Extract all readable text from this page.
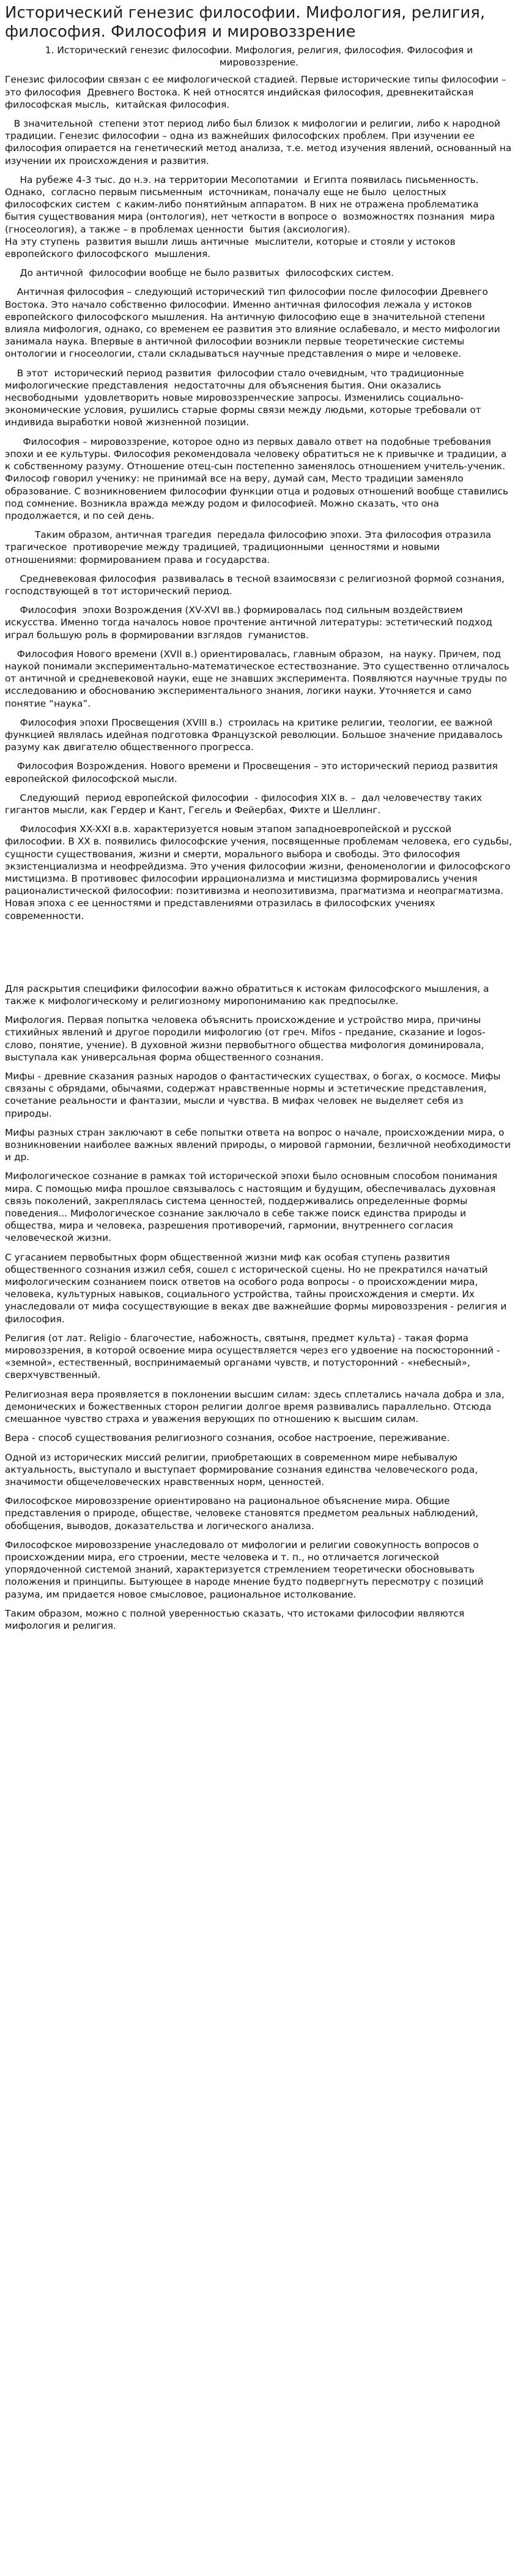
Исторический генезис философии. Мифология, религия, философия. Философия и мировоззрение

1. Исторический генезис философии. Мифология, религия, философия. Философия и мировоззрение.

Генезис философии связан с ее мифологической стадией. Первые исторические типы философии – это философия  Древнего Востока. К ней относятся индийская философия, древнекитайская философская мысль,  китайская философия.

В значительной  степени этот период либо был близок к мифологии и религии, либо к народной традиции. Генезис философии – одна из важнейших философских проблем. При изучении ее философия опирается на генетический метод анализа, т.е. метод изучения явлений, основанный на изучении их происхождения и развития.

На рубеже 4-3 тыс. до н.э. на территории Месопотамии  и Египта появилась письменность.  Однако,  согласно первым письменным  источникам, поначалу еще не было  целостных философских систем  с каким-либо понятийным аппаратом. В них не отражена проблематика  бытия существования мира (онтология), нет четкости в вопросе о  возможностях познания  мира (гносеология), а также – в проблемах ценности  бытия (аксиология).
На эту ступень  развития вышли лишь античные  мыслители, которые и стояли у истоков европейского философского  мышления.

До античной  философии вообще не было развитых  философских систем.

Античная философия – следующий исторический тип философии после философии Древнего Востока. Это начало собственно философии. Именно античная философия лежала у истоков европейского философского мышления. На античную философию еще в значительной степени влияла мифология, однако, со временем ее развития это влияние ослабевало, и место мифологии занимала наука. Впервые в античной философии возникли первые теоретические системы онтологии и гносеологии, стали складываться научные представления о мире и человеке.

В этот  исторический период развития  философии стало очевидным, что традиционные мифологические представления  недостаточны для объяснения бытия. Они оказались несвободными  удовлетворить новые мировоззренческие запросы. Изменились социально-экономические условия, рушились старые формы связи между людьми, которые требовали от индивида выработки новой жизненной позиции.

Философия – мировоззрение, которое одно из первых давало ответ на подобные требования эпохи и ее культуры. Философия рекомендовала человеку обратиться не к привычке и традиции, а к собственному разуму. Отношение отец-сын постепенно заменялось отношением учитель-ученик. Философ говорил ученику: не принимай все на веру, думай сам, Место традиции заменяло образование. С возникновением философии функции отца и родовых отношений вообще ставились под сомнение. Возникла вражда между родом и философией. Можно сказать, что она продолжается, и по сей день.

Таким образом, античная трагедия  передала философию эпохи. Эта философия отразила трагическое  противоречие между традицией, традиционными  ценностями и новыми отношениями: формированием права и государства.

Средневековая философия  развивалась в тесной взаимосвязи с религиозной формой сознания, господствующей в тот исторический период.

Философия  эпохи Возрождения (XV-XVI вв.) формировалась под сильным воздействием искусства. Именно тогда началось новое прочтение античной литературы: эстетический подход играл большую роль в формировании взглядов  гуманистов.

Философия Нового времени (XVII в.) ориентировалась, главным образом,  на науку. Причем, под наукой понимали экспериментально-математическое естествознание. Это существенно отличалось от античной и средневековой науки, еще не знавших эксперимента. Появляются научные труды по исследованию и обоснованию экспериментального знания, логики науки. Уточняется и само понятие “наука”.

Философия эпохи Просвещения (XVIII в.)  строилась на критике религии, теологии, ее важной функцией являлась идейная подготовка Французской революции. Большое значение придавалось разуму как двигателю общественного прогресса.

Философия Возрождения. Нового времени и Просвещения – это исторический период развития европейской философской мысли.

Следующий  период европейской философии  - философия XIX в. –  дал человечеству таких гигантов мысли, как Гердер и Кант, Гегель и Фейербах, Фихте и Шеллинг.

Философия XX-XXI в.в. характеризуется новым этапом западноевропейской и русской философии. В XX в. появились философские учения, посвященные проблемам человека, его судьбы, сущности существования, жизни и смерти, морального выбора и свободы. Это философия экзистенциализма и неофрейдизма. Это учения философии жизни, феноменологии и философского мистицизма. В противовес философии иррационализма и мистицизма формировались учения рационалистической философии: позитивизма и неопозитивизма, прагматизма и неопрагматизма. Новая эпоха с ее ценностями и представлениями отразилась в философских учениях современности.

Для раскрытия специфики философии важно обратиться к истокам философского мышления, а также к мифологическому и религиозному миропониманию как предпосылке.

Мифология. Первая попытка человека объяснить происхождение и устройство мира, причины стихийных явлений и другое породили мифологию (от греч. Mifos - предание, сказание и logos-слово, понятие, учение). В духовной жизни первобытного общества мифология доминировала, выступала как универсальная форма общественного сознания.

Мифы - древние сказания разных народов о фантастических существах, о богах, о космосе. Мифы связаны с обрядами, обычаями, содержат нравственные нормы и эстетические представления, сочетание реальности и фантазии, мысли и чувства. В мифах человек не выделяет себя из природы.

Мифы разных стран заключают в себе попытки ответа на вопрос о начале, происхождении мира, о возникновении наиболее важных явлений природы, о мировой гармонии, безличной необходимости и др.

Мифологическое сознание в рамках той исторической эпохи было основным способом понимания мира. С помощью мифа прошлое связывалось с настоящим и будущим, обеспечивалась духовная связь поколений, закреплялась система ценностей, поддерживались определенные формы поведения... Мифологическое сознание заключало в себе также поиск единства природы и общества, мира и человека, разрешения противоречий, гармонии, внутреннего согласия человеческой жизни.

С угасанием первобытных форм общественной жизни миф как особая ступень развития общественного сознания изжил себя, сошел с исторической сцены. Но не прекратился начатый мифологическим сознанием поиск ответов на особого рода вопросы - о происхождении мира, человека, культурных навыков, социального устройства, тайны происхождения и смерти. Их унаследовали от мифа сосуществующие в веках две важнейшие формы мировоззрения - религия и философия.

Религия (от лат. Religio - благочестие, набожность, святыня, предмет культа) - такая форма мировоззрения, в которой освоение мира осуществляется через его удвоение на посюсторонний - «земной», естественный, воспринимаемый органами чувств, и потусторонний - «небесный», сверхчувственный.

Религиозная вера проявляется в поклонении высшим силам: здесь сплетались начала добра и зла, демонических и божественных сторон религии долгое время развивались параллельно. Отсюда смешанное чувство страха и уважения верующих по отношению к высшим силам.

Вера - способ существования религиозного сознания, особое настроение, переживание.

Одной из исторических миссий религии, приобретающих в современном мире небывалую актуальность, выступало и выступает формирование сознания единства человеческого рода, значимости общечеловеческих нравственных норм, ценностей.

Философское мировоззрение ориентировано на рациональное объяснение мира. Общие представления о природе, обществе, человеке становятся предметом реальных наблюдений, обобщения, выводов, доказательства и логического анализа.

Философское мировоззрение унаследовало от мифологии и религии совокупность вопросов о происхождении мира, его строении, месте человека и т. п., но отличается логической упорядоченной системой знаний, характеризуется стремлением теоретически обосновывать положения и принципы. Бытующее в народе мнение будто подвергнуть пересмотру с позиций разума, им придается новое смысловое, рациональное истолкование.

Таким образом, можно с полной уверенностью сказать, что истоками философии являются мифология и религия.
